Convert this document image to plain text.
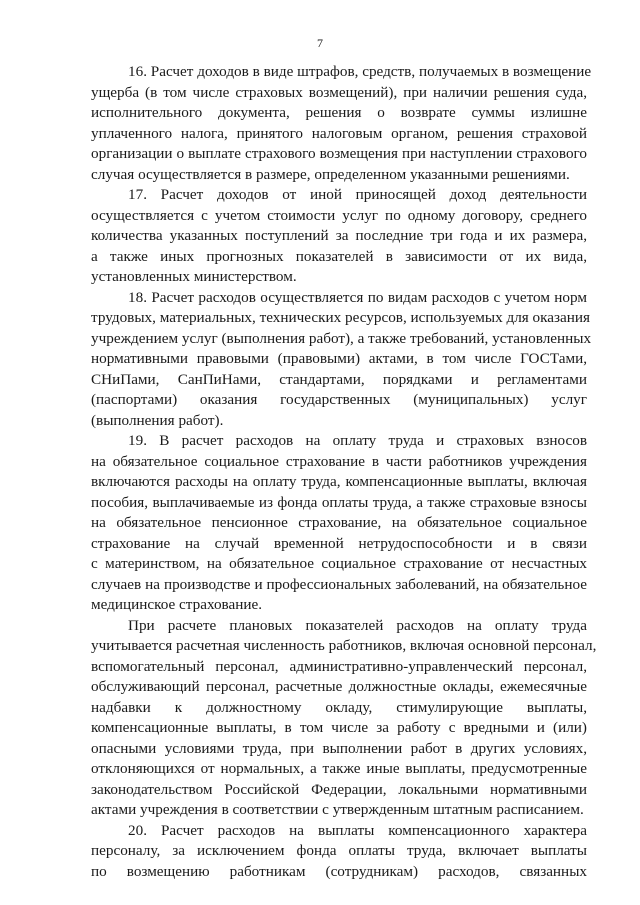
7
16. Расчет доходов в виде штрафов, средств, получаемых в возмещение
ущерба (в том числе страховых возмещений), при наличии решения суда,
исполнительного документа, решения о возврате суммы излишне
уплаченного налога, принятого налоговым органом, решения страховой
организации о выплате страхового возмещения при наступлении страхового
случая осуществляется в размере, определенном указанными решениями.
17. Расчет доходов от иной приносящей доход деятельности
осуществляется с учетом стоимости услуг по одному договору, среднего
количества указанных поступлений за последние три года и их размера,
а также иных прогнозных показателей в зависимости от их вида,
установленных министерством.
18. Расчет расходов осуществляется по видам расходов с учетом норм
трудовых, материальных, технических ресурсов, используемых для оказания
учреждением услуг (выполнения работ), а также требований, установленных
нормативными правовыми (правовыми) актами, в том числе ГОСТами,
СНиПами, СанПиНами, стандартами, порядками и регламентами
(паспортами) оказания государственных (муниципальных) услуг
(выполнения работ).
19. В расчет расходов на оплату труда и страховых взносов
на обязательное социальное страхование в части работников учреждения
включаются расходы на оплату труда, компенсационные выплаты, включая
пособия, выплачиваемые из фонда оплаты труда, а также страховые взносы
на обязательное пенсионное страхование, на обязательное социальное
страхование на случай временной нетрудоспособности и в связи
с материнством, на обязательное социальное страхование от несчастных
случаев на производстве и профессиональных заболеваний, на обязательное
медицинское страхование.
При расчете плановых показателей расходов на оплату труда
учитывается расчетная численность работников, включая основной персонал,
вспомогательный персонал, административно-управленческий персонал,
обслуживающий персонал, расчетные должностные оклады, ежемесячные
надбавки к должностному окладу, стимулирующие выплаты,
компенсационные выплаты, в том числе за работу с вредными и (или)
опасными условиями труда, при выполнении работ в других условиях,
отклоняющихся от нормальных, а также иные выплаты, предусмотренные
законодательством Российской Федерации, локальными нормативными
актами учреждения в соответствии с утвержденным штатным расписанием.
20. Расчет расходов на выплаты компенсационного характера
персоналу, за исключением фонда оплаты труда, включает выплаты
по возмещению работникам (сотрудникам) расходов, связанных
